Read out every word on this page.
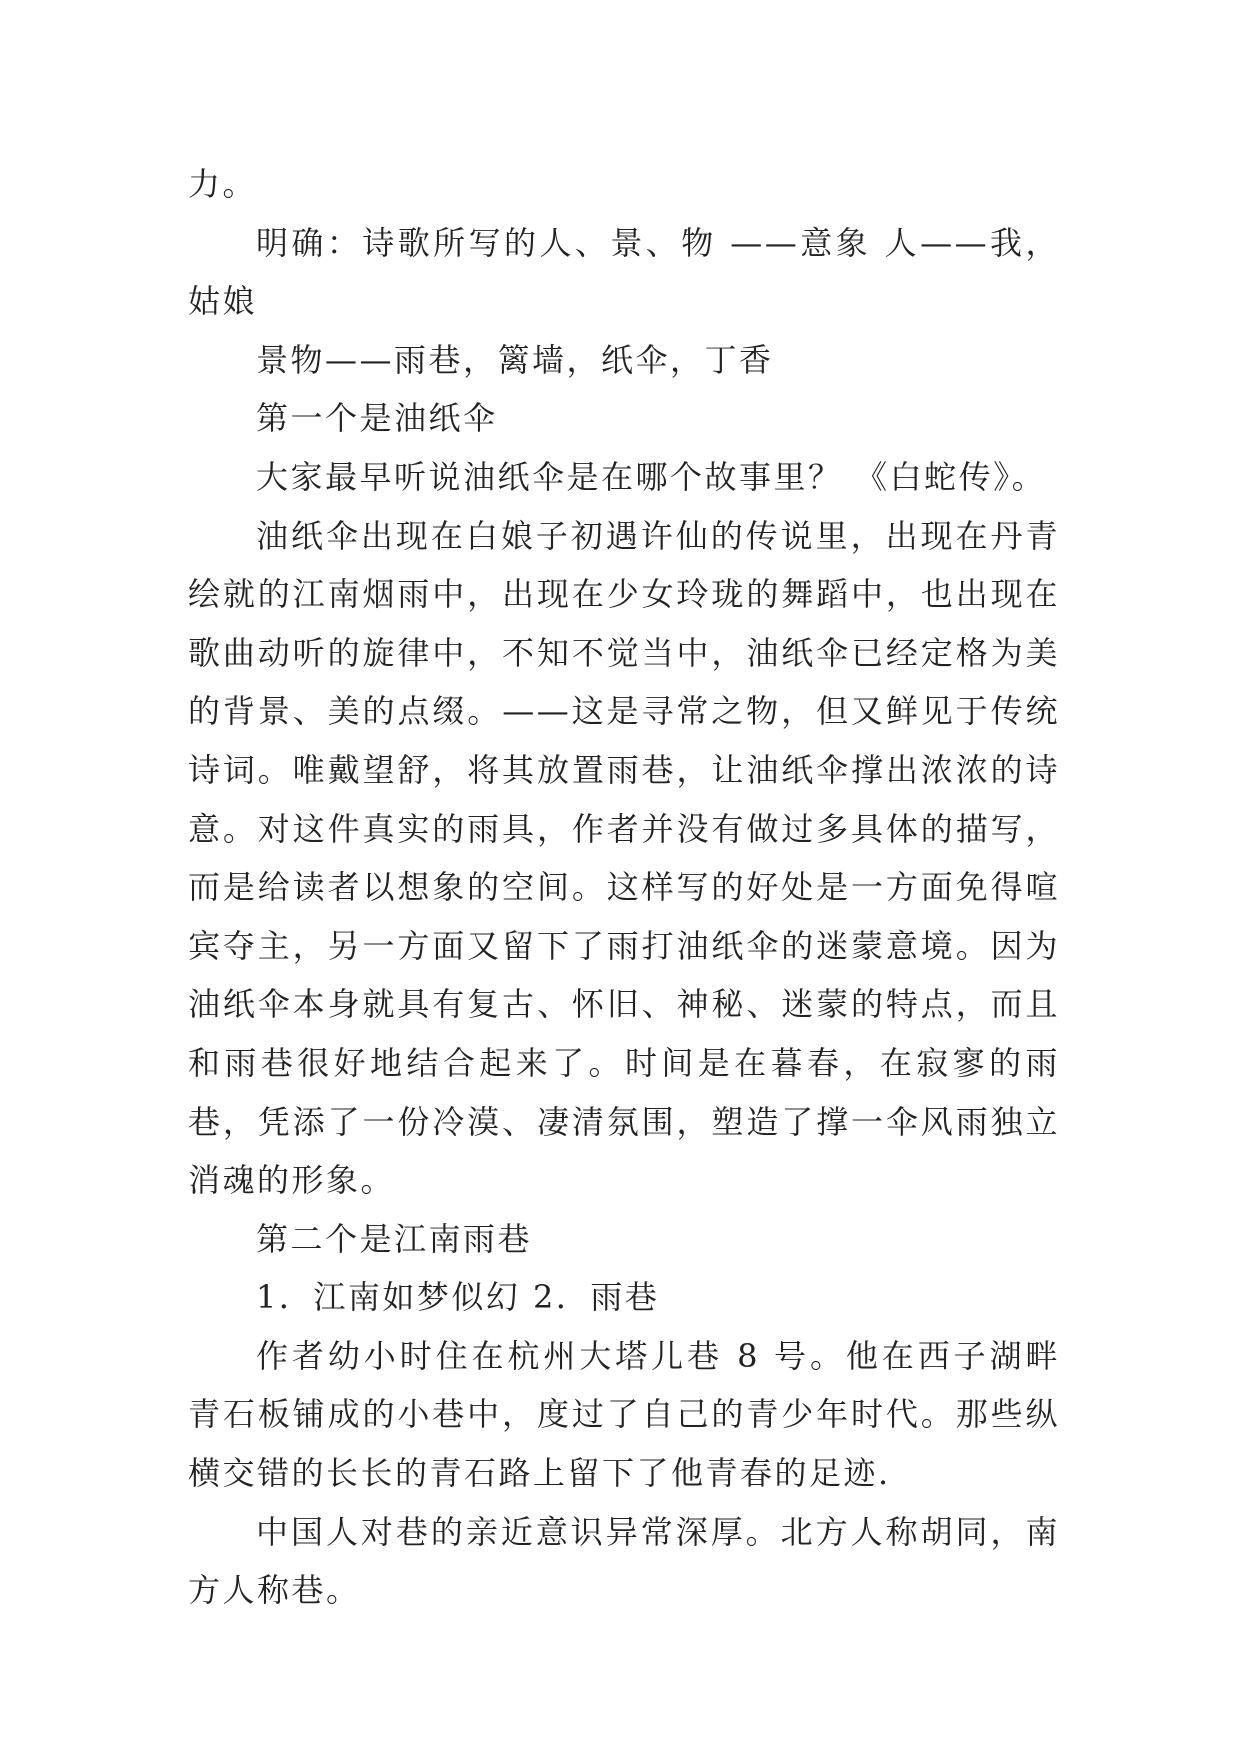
力。

明确：诗歌所写的人、景、物 ——意象 人——我，姑娘

景物——雨巷，篱墙，纸伞，丁香

第一个是油纸伞

大家最早听说油纸伞是在哪个故事里？ 《白蛇传》。

油纸伞出现在白娘子初遇许仙的传说里，出现在丹青绘就的江南烟雨中，出现在少女玲珑的舞蹈中，也出现在歌曲动听的旋律中，不知不觉当中，油纸伞已经定格为美的背景、美的点缀。——这是寻常之物，但又鲜见于传统诗词。唯戴望舒，将其放置雨巷，让油纸伞撑出浓浓的诗意。对这件真实的雨具，作者并没有做过多具体的描写，而是给读者以想象的空间。这样写的好处是一方面免得喧宾夺主，另一方面又留下了雨打油纸伞的迷蒙意境。因为油纸伞本身就具有复古、怀旧、神秘、迷蒙的特点，而且和雨巷很好地结合起来了。时间是在暮春，在寂寥的雨巷，凭添了一份冷漠、凄清氛围，塑造了撑一伞风雨独立消魂的形象。

第二个是江南雨巷

1．江南如梦似幻 2．雨巷

作者幼小时住在杭州大塔儿巷 8 号。他在西子湖畔青石板铺成的小巷中，度过了自己的青少年时代。那些纵横交错的长长的青石路上留下了他青春的足迹.

中国人对巷的亲近意识异常深厚。北方人称胡同，南方人称巷。
